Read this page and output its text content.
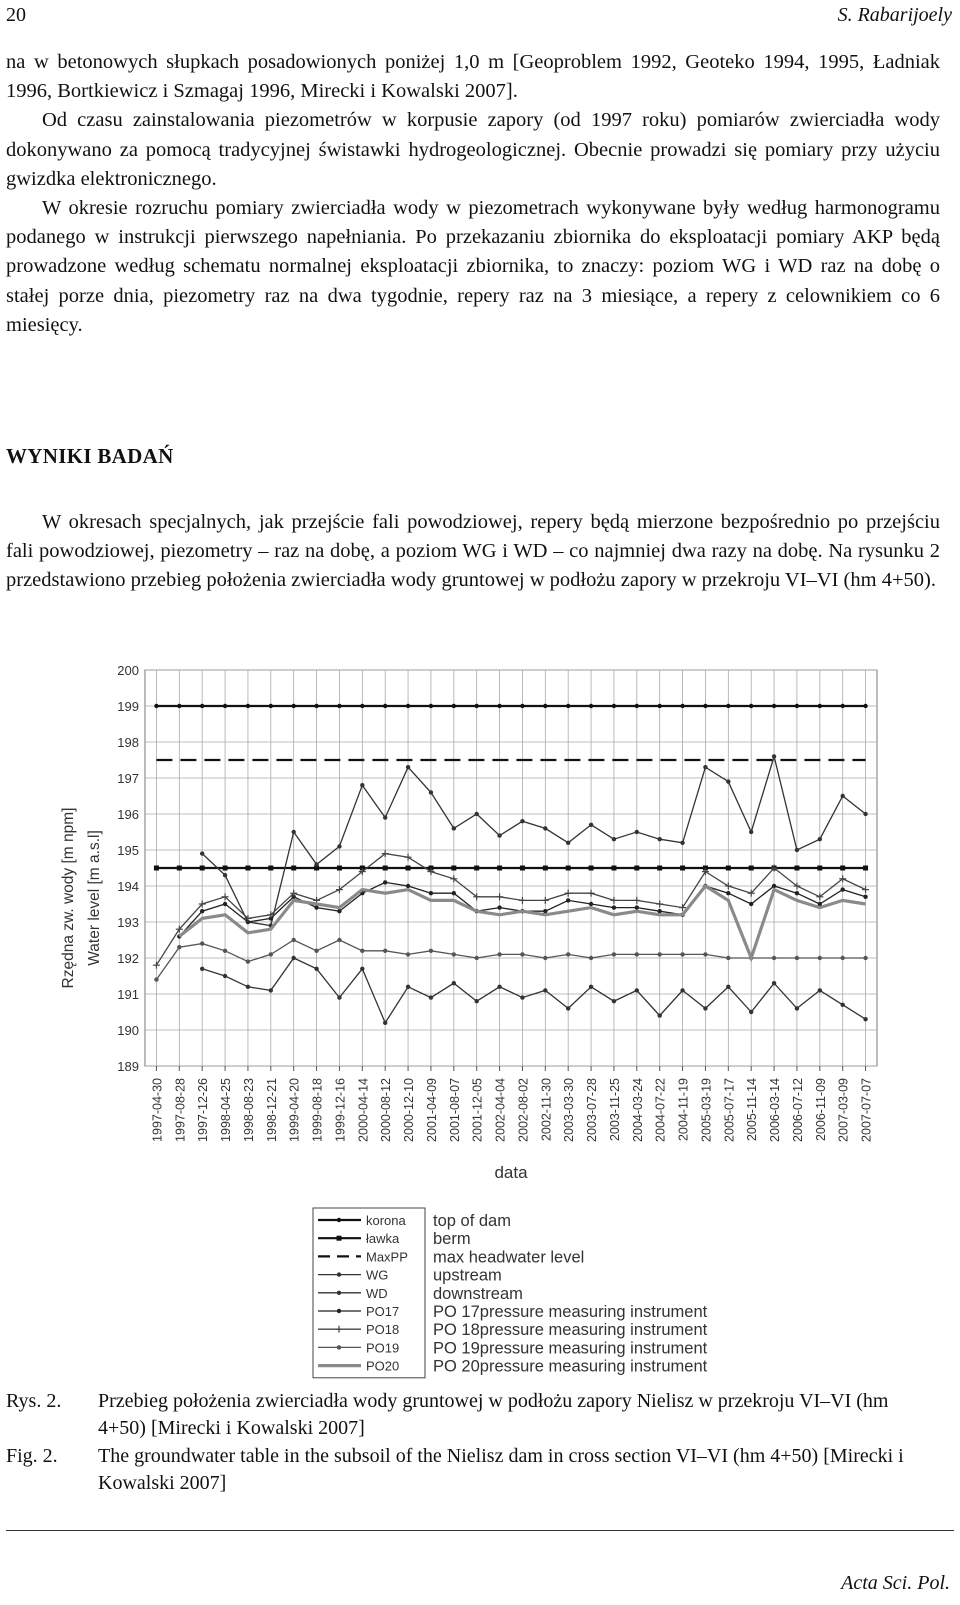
20	S. Rabarijoely

na w betonowych słupkach posadowionych poniżej 1,0 m [Geoproblem 1992, Geoteko 1994, 1995, Ładniak 1996, Bortkiewicz i Szmagaj 1996, Mirecki i Kowalski 2007].

Od czasu zainstalowania piezometrów w korpusie zapory (od 1997 roku) pomiarów zwierciadła wody dokonywano za pomocą tradycyjnej świstawki hydrogeologicznej. Obecnie prowadzi się pomiary przy użyciu gwizdka elektronicznego.

W okresie rozruchu pomiary zwierciadła wody w piezometrach wykonywane były według harmonogramu podanego w instrukcji pierwszego napełniania. Po przekazaniu zbiornika do eksploatacji pomiary AKP będą prowadzone według schematu normalnej eksploatacji zbiornika, to znaczy: poziom WG i WD raz na dobę o stałej porze dnia, piezometry raz na dwa tygodnie, repery raz na 3 miesiące, a repery z celownikiem co 6 miesięcy.

WYNIKI BADAŃ

W okresach specjalnych, jak przejście fali powodziowej, repery będą mierzone bezpośrednio po przejściu fali powodziowej, piezometry – raz na dobę, a poziom WG i WD – co najmniej dwa razy na dobę. Na rysunku 2 przedstawiono przebieg położenia zwierciadła wody gruntowej w podłożu zapory w przekroju VI–VI (hm 4+50).

200
199
198
197
196
195
194
193
192
191
190
189
1997-04-30 1997-08-28 1997-12-26 1998-04-25 1998-08-23 1998-12-21 1999-04-20 1999-08-18 1999-12-16 2000-04-14 2000-08-12 2000-12-10 2001-04-09 2001-08-07 2001-12-05 2002-04-04 2002-08-02 2002-11-30 2003-03-30 2003-07-28 2003-11-25 2004-03-24 2004-07-22 2004-11-19 2005-03-19 2005-07-17 2005-11-14 2006-03-14 2006-07-12 2006-11-09 2007-03-09 2007-07-07
Rzędna zw. wody [m npm] Water level [m a.s.l]
data
korona top of dam
ławka berm
MaxPP max headwater level
WG	upstream
WD	downstream
PO17 PO 17pressure measuring instrument
PO18 PO 18pressure measuring instrument
PO19 PO 19pressure measuring instrument
PO20 PO 20pressure measuring instrument
Rys. 2.	Przebieg położenia zwierciadła wody gruntowej w podłożu zapory Nielisz w przekroju VI–VI (hm 4+50) [Mirecki i Kowalski 2007]
Fig. 2.	The groundwater table in the subsoil of the Nielisz dam in cross section VI–VI (hm 4+50) [Mirecki i Kowalski 2007]
Acta Sci. Pol.
